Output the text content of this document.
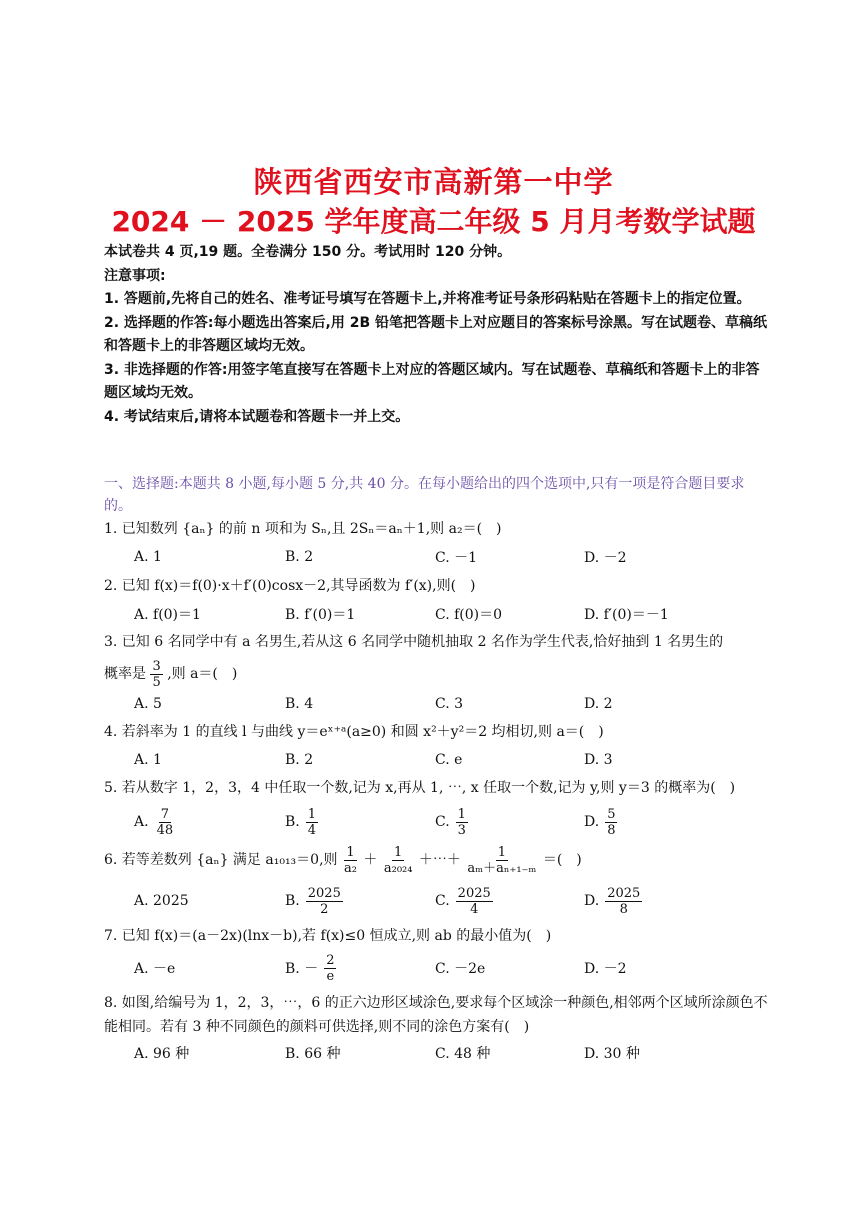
陕西省西安市高新第一中学
2024 － 2025 学年度高二年级 5 月月考数学试题

本试卷共 4 页,19 题。全卷满分 150 分。考试用时 120 分钟。

注意事项:

1. 答题前,先将自己的姓名、准考证号填写在答题卡上,并将准考证号条形码粘贴在答题卡上的指定位置。

2. 选择题的作答:每小题选出答案后,用 2B 铅笔把答题卡上对应题目的答案标号涂黑。写在试题卷、草稿纸和答题卡上的非答题区域均无效。

3. 非选择题的作答:用签字笔直接写在答题卡上对应的答题区域内。写在试题卷、草稿纸和答题卡上的非答题区域均无效。

4. 考试结束后,请将本试题卷和答题卡一并上交。

一、选择题:本题共 8 小题,每小题 5 分,共 40 分。在每小题给出的四个选项中,只有一项是符合题目要求的。
1. 已知数列 {aₙ} 的前 n 项和为 Sₙ,且 2Sₙ＝aₙ＋1,则 a₂＝(　)
A. 1	B. 2	C. －1	D. －2
2. 已知 f(x)＝f(0)·x＋f′(0)cosx－2,其导函数为 f′(x),则(　)
A. f(0)＝1	B. f′(0)＝1	C. f(0)＝0	D. f′(0)＝－1
3. 已知 6 名同学中有 a 名男生,若从这 6 名同学中随机抽取 2 名作为学生代表,恰好抽到 1 名男生的
概率是 $\frac{3}{5}$ ,则 a＝(　)
A. 5	B. 4	C. 3	D. 2
4. 若斜率为 1 的直线 l 与曲线 y＝eˣ⁺ᵃ(a≥0) 和圆 x²＋y²＝2 均相切,则 a＝(　)
A. 1	B. 2	C. e	D. 3
5. 若从数字 1，2，3，4 中任取一个数,记为 x,再从 1, ⋯, x 任取一个数,记为 y,则 y＝3 的概率为(　)
A. $\frac{7}{48}$	B. $\frac{1}{4}$	C. $\frac{1}{3}$	D. $\frac{5}{8}$
6. 若等差数列 {aₙ} 满足 a₁₀₁₃＝0,则 $\frac{1}{\text{a₂}} + \frac{1}{\text{a₂₀₂₄}}$ ＋⋯＋ $\frac{1}{\text{aₘ＋aₙ₊₁₋ₘ}}$ ＝(　)
A. 2025	B. $\frac{2025}{2}$	C. $\frac{2025}{4}$	D. $\frac{2025}{8}$
7. 已知 f(x)＝(a－2x)(lnx－b),若 f(x)≤0 恒成立,则 ab 的最小值为(　)
A. －e	B. － $\frac{2}{e}$	C. －2e	D. －2
8. 如图,给编号为 1，2，3，⋯，6 的正六边形区域涂色,要求每个区域涂一种颜色,相邻两个区域所涂颜色不能相同。若有 3 种不同颜色的颜料可供选择,则不同的涂色方案有(　)
A. 96 种	B. 66 种	C. 48 种	D. 30 种
